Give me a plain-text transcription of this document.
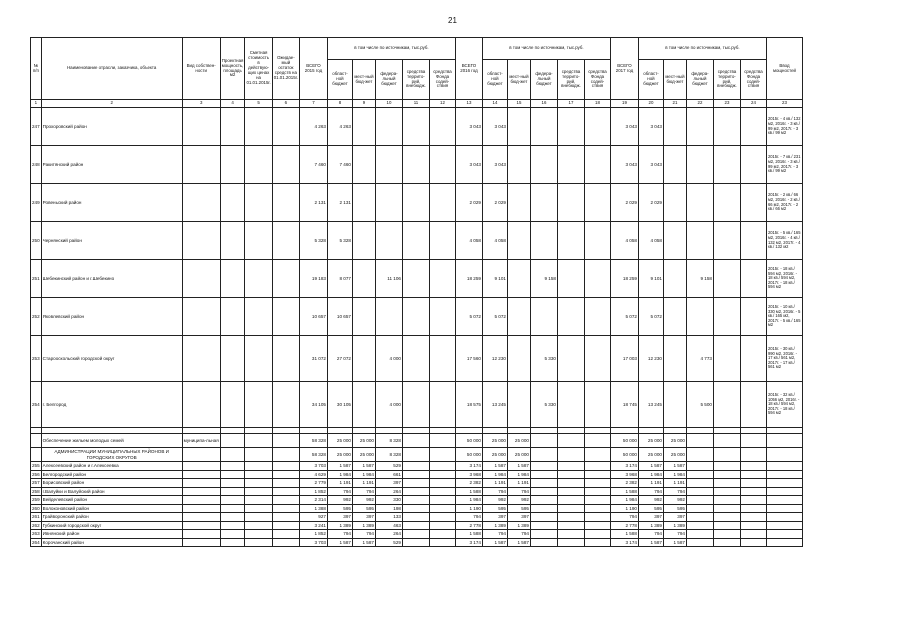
21
№ п/п	Наименование отрасли, заказчика, объекта	Вид собствен-ности	Проектная мощность, площадь м2	Сметная стоимость в действую-щих ценах на 01.01.2015г.	Ожидае-мый остаток средств на 01.01.2015г.	ВСЕГО 2015 год	в том числе по источникам, тыс.руб.					ВСЕГО 2016 год	в том числе по источникам, тыс.руб.					ВСЕГО 2017 год	в том числе по источникам, тыс.руб.					Ввод мощностей
							област-ной бюджет	мест-ный бюд-жет	федера-льный бюджет	средства террито-рий, внебюдж.	средства Фонда содей-ствия		област-ной бюджет	мест-ный бюд-жет	федера-льный бюджет	средства террито-рий, внебюдж.	средства Фонда содей-ствия		област-ной бюджет	мест-ный бюд-жет	федера-льный бюджет	средства террито-рий, внебюдж.	средства Фонда содей-ствия	
1	2	3	4	5	6	7	8	9	10	11	12	13	14	15	16	17	18	19	20	21	22	23	24	23
247	Прохоровский район					4 263	4 263					3 043	3 043					3 043	3 043					2015г. - 4 кв./ 132 м2, 2016г. - 3 кв./ 99 м2, 2017г. - 3 кв./ 99 м2
248	Ракитянский район					7 460	7 460					3 043	3 043					3 043	3 043					2015г. - 7 кв./ 231 м2, 2016г. - 3 кв./ 99 м2, 2017г. - 3 кв./ 99 м2
249	Ровеньский район					2 131	2 131					2 029	2 029					2 029	2 029					2015г. - 2 кв./ 66 м2, 2016г. - 2 кв./ 66 м2, 2017г. - 2 кв./ 66 м2
250	Чернянский район					5 328	5 328					4 058	4 058					4 058	4 058					2015г. - 5 кв./ 165 м2, 2016г. - 4 кв./ 132 м2, 2017г. - 4 кв./ 132 м2
251	Шебекинский район и г.Шебекино					19 183	8 077		11 106			18 259	9 101		9 158			18 259	9 101		9 158			2015г. - 18 кв./ 594 м2, 2016г. - 18 кв./ 594 м2, 2017г. - 18 кв./ 594 м2
252	Яковлевский район					10 657	10 657					5 072	5 072					5 072	5 072					2015г. - 10 кв./ 330 м2, 2016г. - 5 кв./ 165 м2, 2017г. - 5 кв./ 165 м2
253	Старооскольский городской округ					31 072	27 072		4 000			17 560	12 230		5 330			17 003	12 230		4 773			2015г. - 30 кв./ 990 м2, 2016г. - 17 кв./ 561 м2, 2017г. - 17 кв./ 561 м2
254	г. Белгород					34 105	30 105		4 000			18 575	13 245		5 330			18 745	13 245		5 500			2015г. - 32 кв./ 1056 м2, 2016г. - 18 кв./ 594 м2, 2017г. - 18 кв./ 594 м2

	Обеспечение жильем молодых семей	муниципа-льная				58 328	25 000	25 000	8 328			50 000	25 000	25 000				50 000	25 000	25 000				
	АДМИНИСТРАЦИИ МУНИЦИПАЛЬНЫХ РАЙОНОВ И ГОРОДСКИХ ОКРУГОВ					58 328	25 000	25 000	8 328			50 000	25 000	25 000				50 000	25 000	25 000				
255	Алексеевский район и г.Алексеевка					3 703	1 587	1 587	529			3 174	1 587	1 587				3 174	1 587	1 587				
256	Белгородский район					4 629	1 984	1 984	661			3 968	1 984	1 984				3 968	1 984	1 984				
257	Борисовский район					2 779	1 191	1 191	397			2 382	1 191	1 191				2 382	1 191	1 191				
258	г.Валуйки и Валуйский район					1 852	794	794	264			1 588	794	794				1 588	794	794				
259	Вейделевский район					2 314	992	992	330			1 984	992	992				1 984	992	992				
260	Волоконовский район					1 388	595	595	198			1 190	595	595				1 190	595	595				
261	Грайворонский район					927	397	397	133			794	397	397				794	397	397				
262	Губкинский городской округ					3 241	1 389	1 389	463			2 778	1 389	1 389				2 778	1 389	1 389				
263	Ивнянский район					1 852	794	794	264			1 588	794	794				1 588	794	794				
264	Корочанский район					3 703	1 587	1 587	529			3 174	1 587	1 587				3 174	1 587	1 587				
